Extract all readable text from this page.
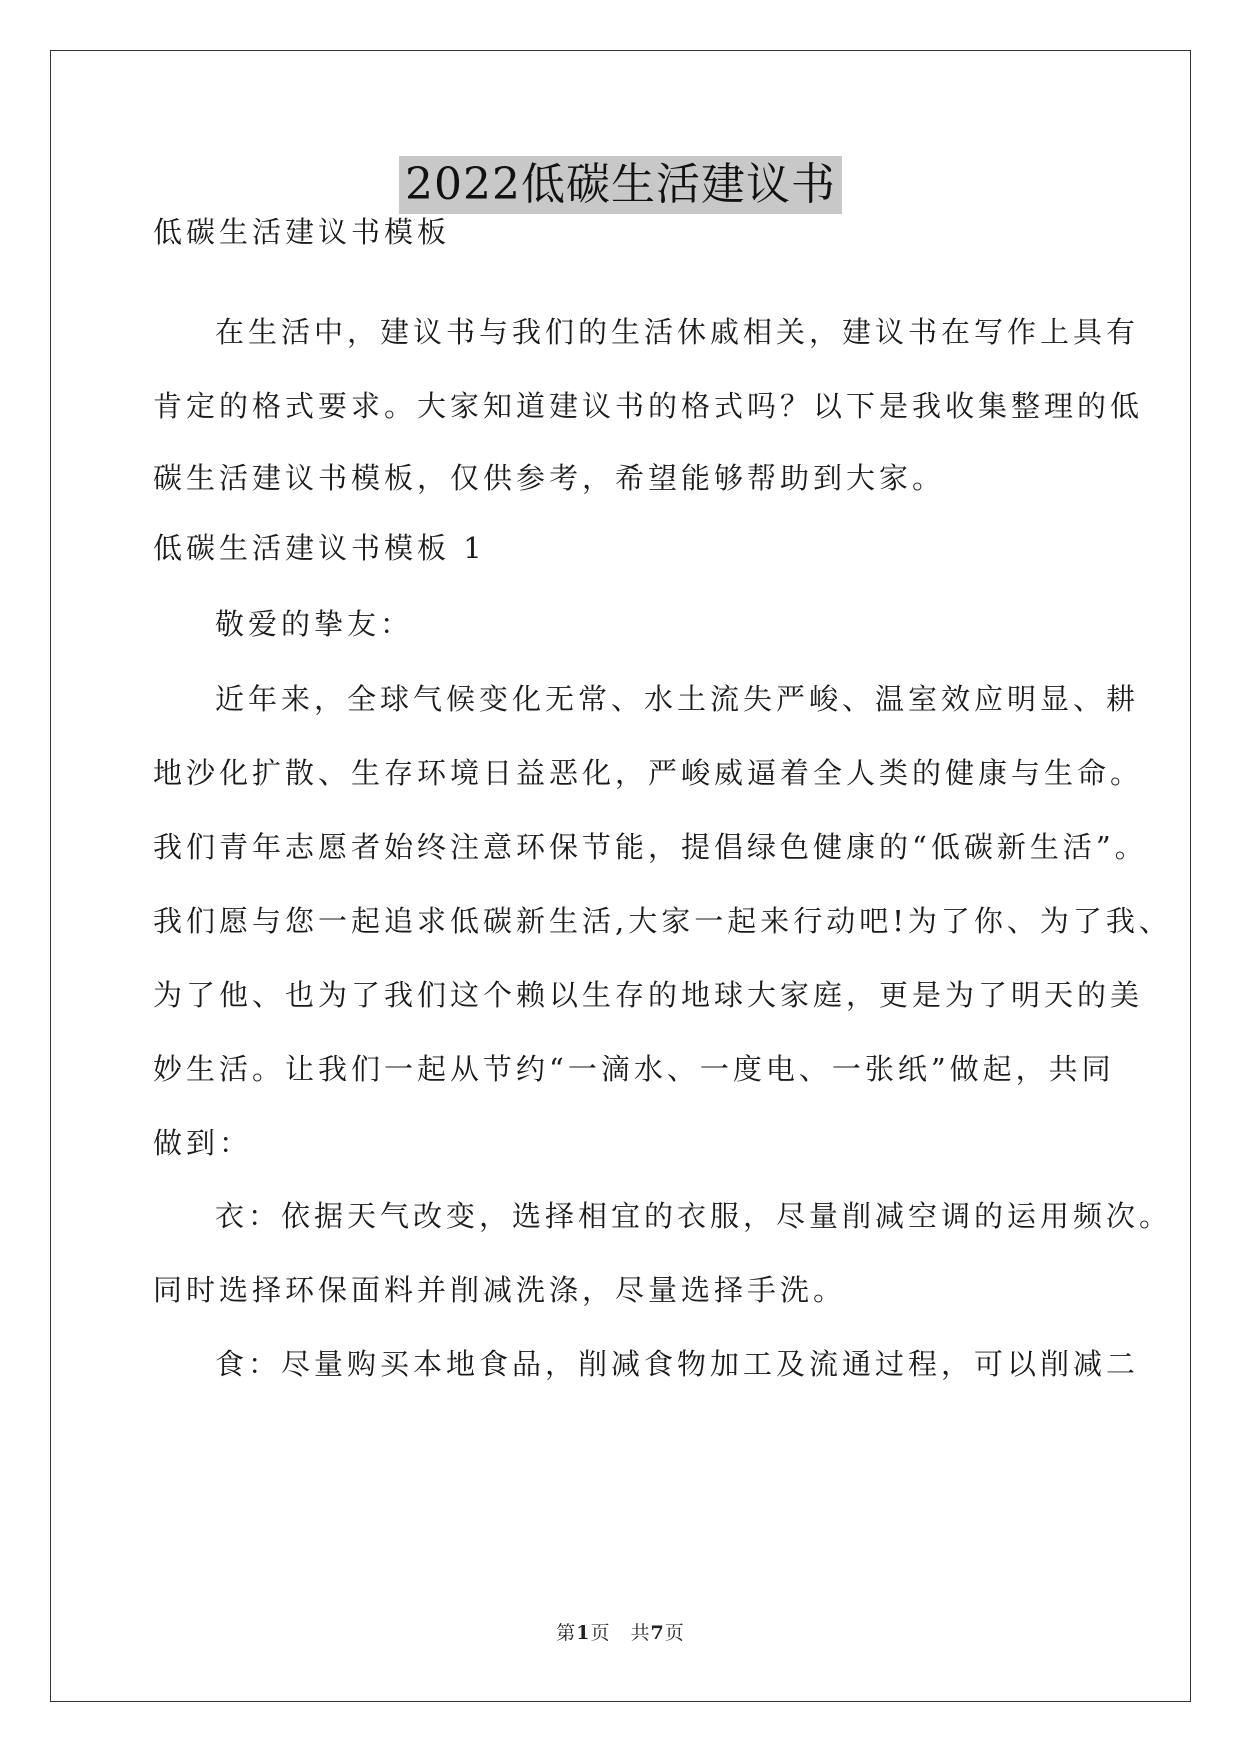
2022低碳生活建议书
低碳生活建议书模板
在生活中，建议书与我们的生活休戚相关，建议书在写作上具有
肯定的格式要求。大家知道建议书的格式吗？以下是我收集整理的低
碳生活建议书模板，仅供参考，希望能够帮助到大家。
低碳生活建议书模板 1
敬爱的挚友：
近年来，全球气候变化无常、水土流失严峻、温室效应明显、耕
地沙化扩散、生存环境日益恶化，严峻威逼着全人类的健康与生命。
我们青年志愿者始终注意环保节能，提倡绿色健康的“低碳新生活”。
我们愿与您一起追求低碳新生活,大家一起来行动吧!为了你、为了我、
为了他、也为了我们这个赖以生存的地球大家庭，更是为了明天的美
妙生活。让我们一起从节约“一滴水、一度电、一张纸”做起，共同
做到：
衣：依据天气改变，选择相宜的衣服，尽量削减空调的运用频次。
同时选择环保面料并削减洗涤，尽量选择手洗。
食：尽量购买本地食品，削减食物加工及流通过程，可以削减二
第1页　共7页
